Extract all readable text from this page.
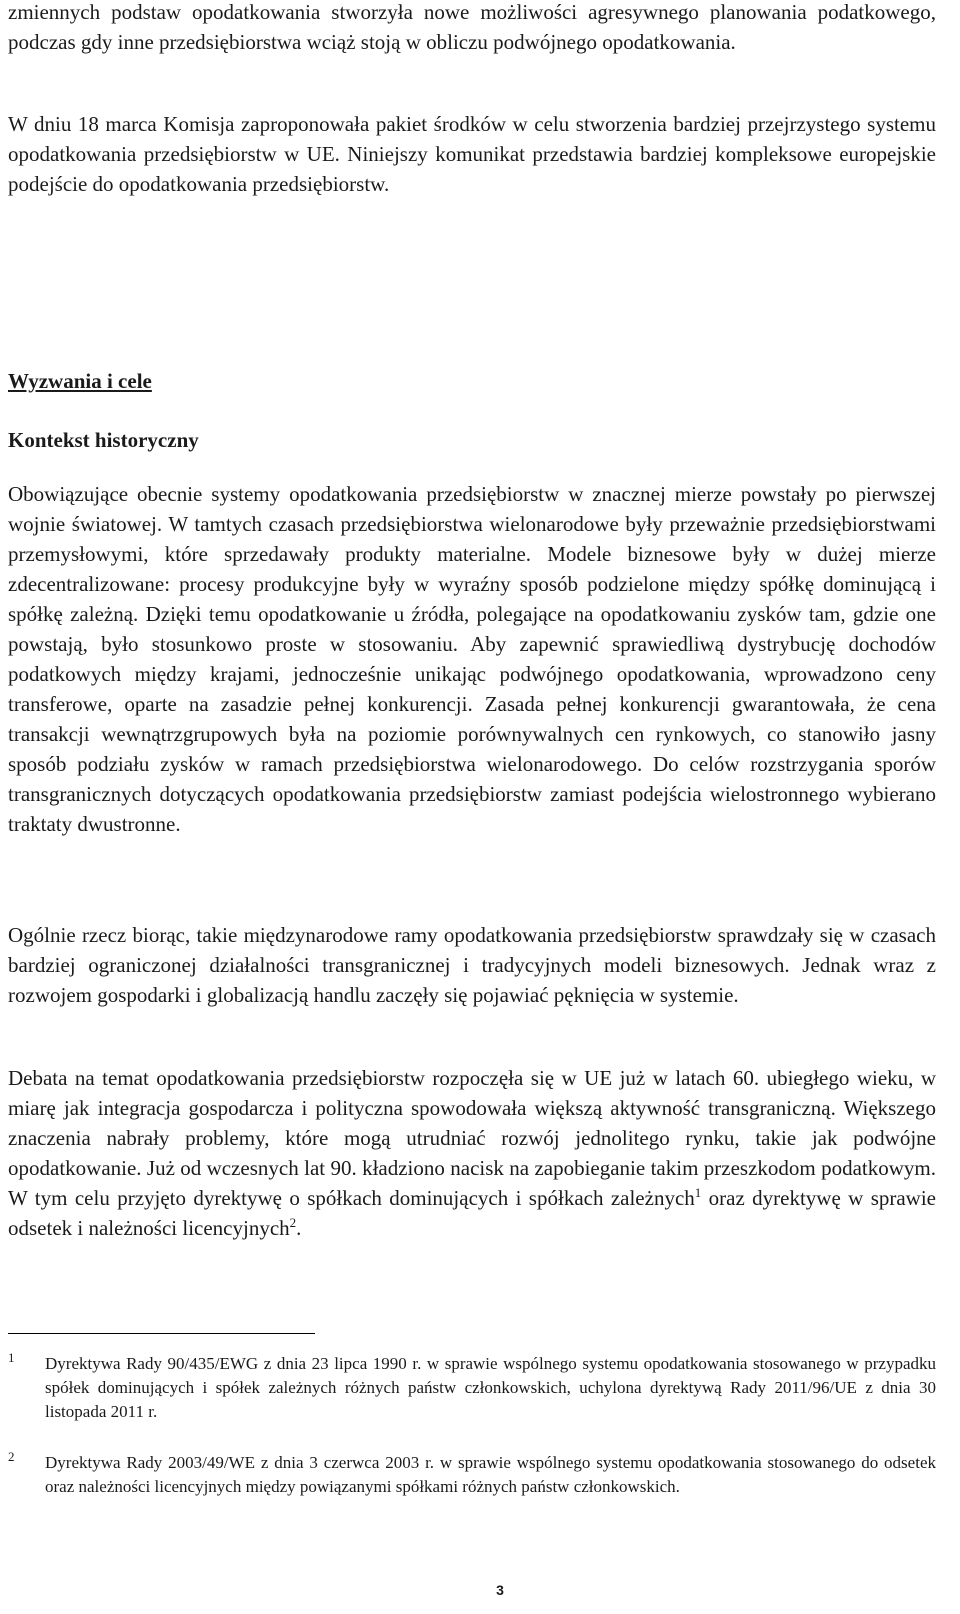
zmiennych podstaw opodatkowania stworzyła nowe możliwości agresywnego planowania podatkowego, podczas gdy inne przedsiębiorstwa wciąż stoją w obliczu podwójnego opodatkowania.

W dniu 18 marca Komisja zaproponowała pakiet środków w celu stworzenia bardziej przejrzystego systemu opodatkowania przedsiębiorstw w UE. Niniejszy komunikat przedstawia bardziej kompleksowe europejskie podejście do opodatkowania przedsiębiorstw.

Wyzwania i cele
Kontekst historyczny

Obowiązujące obecnie systemy opodatkowania przedsiębiorstw w znacznej mierze powstały po pierwszej wojnie światowej. W tamtych czasach przedsiębiorstwa wielonarodowe były przeważnie przedsiębiorstwami przemysłowymi, które sprzedawały produkty materialne. Modele biznesowe były w dużej mierze zdecentralizowane: procesy produkcyjne były w wyraźny sposób podzielone między spółkę dominującą i spółkę zależną. Dzięki temu opodatkowanie u źródła, polegające na opodatkowaniu zysków tam, gdzie one powstają, było stosunkowo proste w stosowaniu. Aby zapewnić sprawiedliwą dystrybucję dochodów podatkowych między krajami, jednocześnie unikając podwójnego opodatkowania, wprowadzono ceny transferowe, oparte na zasadzie pełnej konkurencji. Zasada pełnej konkurencji gwarantowała, że cena transakcji wewnątrzgrupowych była na poziomie porównywalnych cen rynkowych, co stanowiło jasny sposób podziału zysków w ramach przedsiębiorstwa wielonarodowego. Do celów rozstrzygania sporów transgranicznych dotyczących opodatkowania przedsiębiorstw zamiast podejścia wielostronnego wybierano traktaty dwustronne.

Ogólnie rzecz biorąc, takie międzynarodowe ramy opodatkowania przedsiębiorstw sprawdzały się w czasach bardziej ograniczonej działalności transgranicznej i tradycyjnych modeli biznesowych. Jednak wraz z rozwojem gospodarki i globalizacją handlu zaczęły się pojawiać pęknięcia w systemie.

Debata na temat opodatkowania przedsiębiorstw rozpoczęła się w UE już w latach 60. ubiegłego wieku, w miarę jak integracja gospodarcza i polityczna spowodowała większą aktywność transgraniczną. Większego znaczenia nabrały problemy, które mogą utrudniać rozwój jednolitego rynku, takie jak podwójne opodatkowanie. Już od wczesnych lat 90. kładziono nacisk na zapobieganie takim przeszkodom podatkowym. W tym celu przyjęto dyrektywę o spółkach dominujących i spółkach zależnych$^1$ oraz dyrektywę w sprawie odsetek i należności licencyjnych$^2$.

1 Dyrektywa Rady 90/435/EWG z dnia 23 lipca 1990 r. w sprawie wspólnego systemu opodatkowania stosowanego w przypadku spółek dominujących i spółek zależnych różnych państw członkowskich, uchylona dyrektywą Rady 2011/96/UE z dnia 30 listopada 2011 r.
2 Dyrektywa Rady 2003/49/WE z dnia 3 czerwca 2003 r. w sprawie wspólnego systemu opodatkowania stosowanego do odsetek oraz należności licencyjnych między powiązanymi spółkami różnych państw członkowskich.
3
